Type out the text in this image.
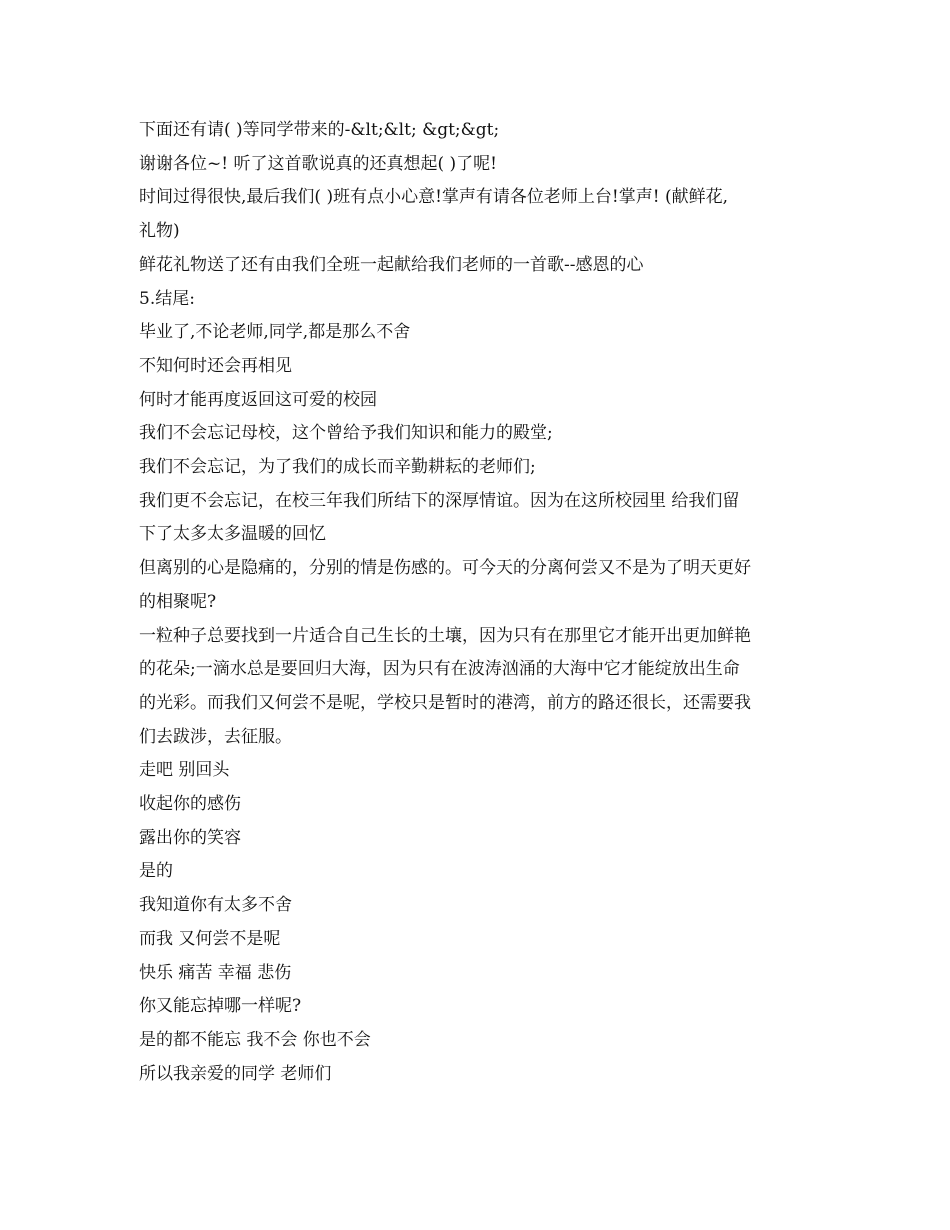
下面还有请( )等同学带来的-&lt;&lt; &gt;&gt;

谢谢各位~! 听了这首歌说真的还真想起( )了呢!

时间过得很快,最后我们( )班有点小心意!掌声有请各位老师上台!掌声! (献鲜花,

礼物)

鲜花礼物送了还有由我们全班一起献给我们老师的一首歌--感恩的心

5.结尾:

毕业了,不论老师,同学,都是那么不舍

不知何时还会再相见

何时才能再度返回这可爱的校园

我们不会忘记母校，这个曾给予我们知识和能力的殿堂;

我们不会忘记，为了我们的成长而辛勤耕耘的老师们;

我们更不会忘记，在校三年我们所结下的深厚情谊。因为在这所校园里 给我们留

下了太多太多温暖的回忆

但离别的心是隐痛的，分别的情是伤感的。可今天的分离何尝又不是为了明天更好

的相聚呢?

一粒种子总要找到一片适合自己生长的土壤，因为只有在那里它才能开出更加鲜艳

的花朵;一滴水总是要回归大海，因为只有在波涛汹涌的大海中它才能绽放出生命

的光彩。而我们又何尝不是呢，学校只是暂时的港湾，前方的路还很长，还需要我

们去跋涉，去征服。

走吧 别回头

收起你的感伤

露出你的笑容

是的

我知道你有太多不舍

而我 又何尝不是呢

快乐 痛苦 幸福 悲伤

你又能忘掉哪一样呢?

是的都不能忘 我不会 你也不会

所以我亲爱的同学 老师们
